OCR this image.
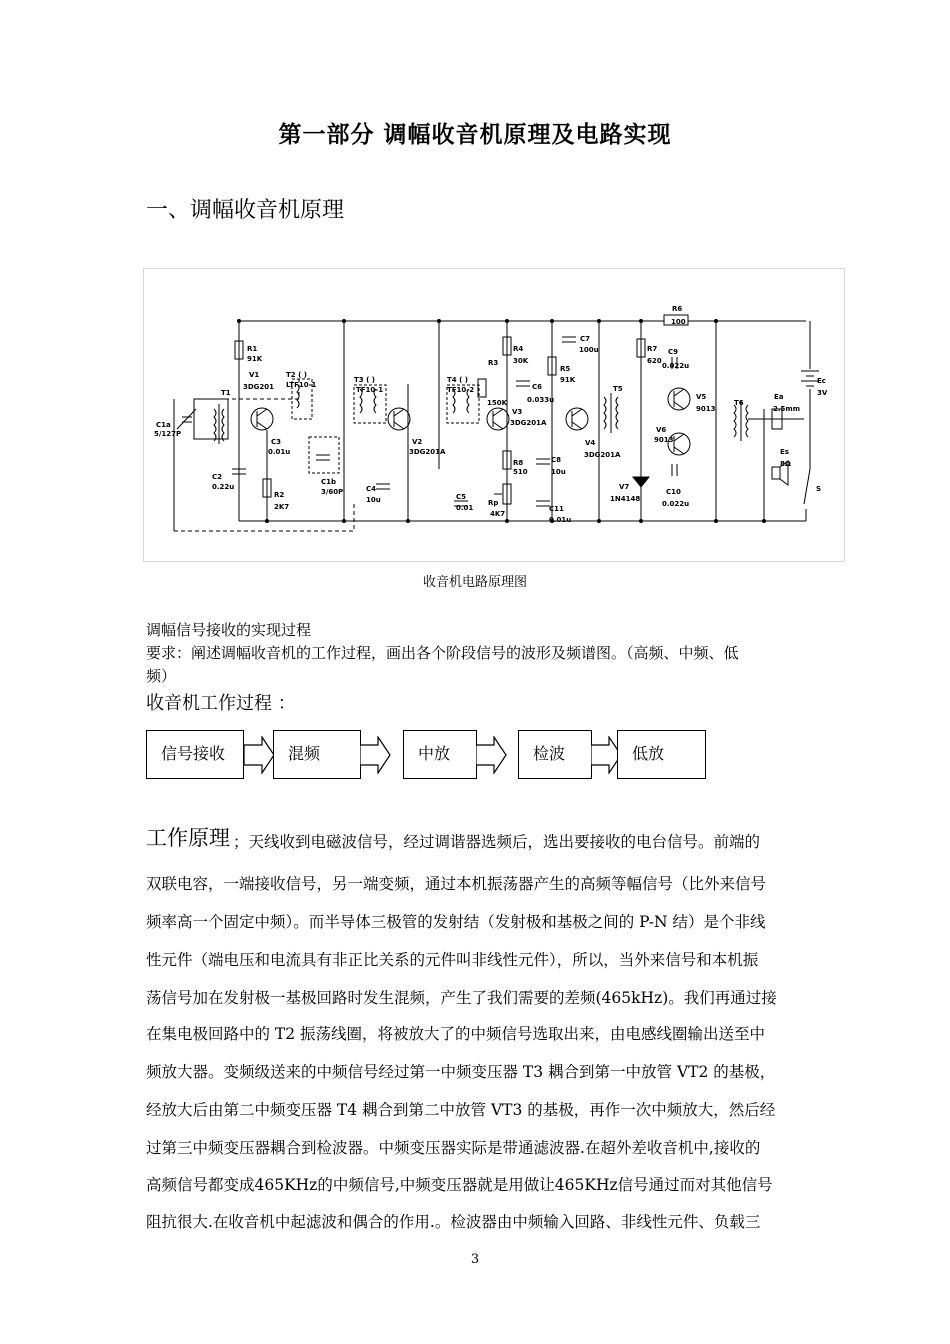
第一部分 调幅收音机原理及电路实现
一、调幅收音机原理
R6
100
R1
91K
V1
3DG201
T2 ( )
LTF10-1
T1
C1a
5/127P
C3
0.01u
C2
0.22u
R2
2K7
C1b
3/60P
T3 ( )
TF10-1
V2
3DG201A
C4
10u
T4 ( )
TF10-2
R3
150K
R4
30K
C6
0.033u
V3
3DG201A
R8
510
C5
0.01
Rp
4K7
C7
100u
R5
91K
C8
10u
C11
0.01u
V4
3DG201A
T5
R7
620
C9
0.022u
V5
9013
V6
9013
V7
1N4148
C10
0.022u
T6
Ea
2.5mm
Es
8Ω
Ec
3V
S
收音机电路原理图
调幅信号接收的实现过程
要求：阐述调幅收音机的工作过程，画出各个阶段信号的波形及频谱图。（高频、中频、低
频）
收音机工作过程 ：
信号接收	混频	中放	检波	低放
工作原理 ；天线收到电磁波信号，经过调谐器选频后，选出要接收的电台信号。前端的
双联电容，一端接收信号，另一端变频，通过本机振荡器产生的高频等幅信号（比外来信号
频率高一个固定中频）。而半导体三极管的发射结（发射极和基极之间的 P-N 结）是个非线
性元件（端电压和电流具有非正比关系的元件叫非线性元件），所以，当外来信号和本机振
荡信号加在发射极一基极回路时发生混频，产生了我们需要的差频(465kHz)。我们再通过接
在集电极回路中的 T2 振荡线圈，将被放大了的中频信号选取出来，由电感线圈输出送至中
频放大器。变频级送来的中频信号经过第一中频变压器 T3 耦合到第一中放管 VT2 的基极，
经放大后由第二中频变压器 T4 耦合到第二中放管 VT3 的基极，再作一次中频放大，然后经
过第三中频变压器耦合到检波器。中频变压器实际是带通滤波器.在超外差收音机中,接收的
高频信号都变成465KHz的中频信号,中频变压器就是用做让465KHz信号通过而对其他信号
阻抗很大.在收音机中起滤波和偶合的作用.。检波器由中频输入回路、非线性元件、负载三
3
